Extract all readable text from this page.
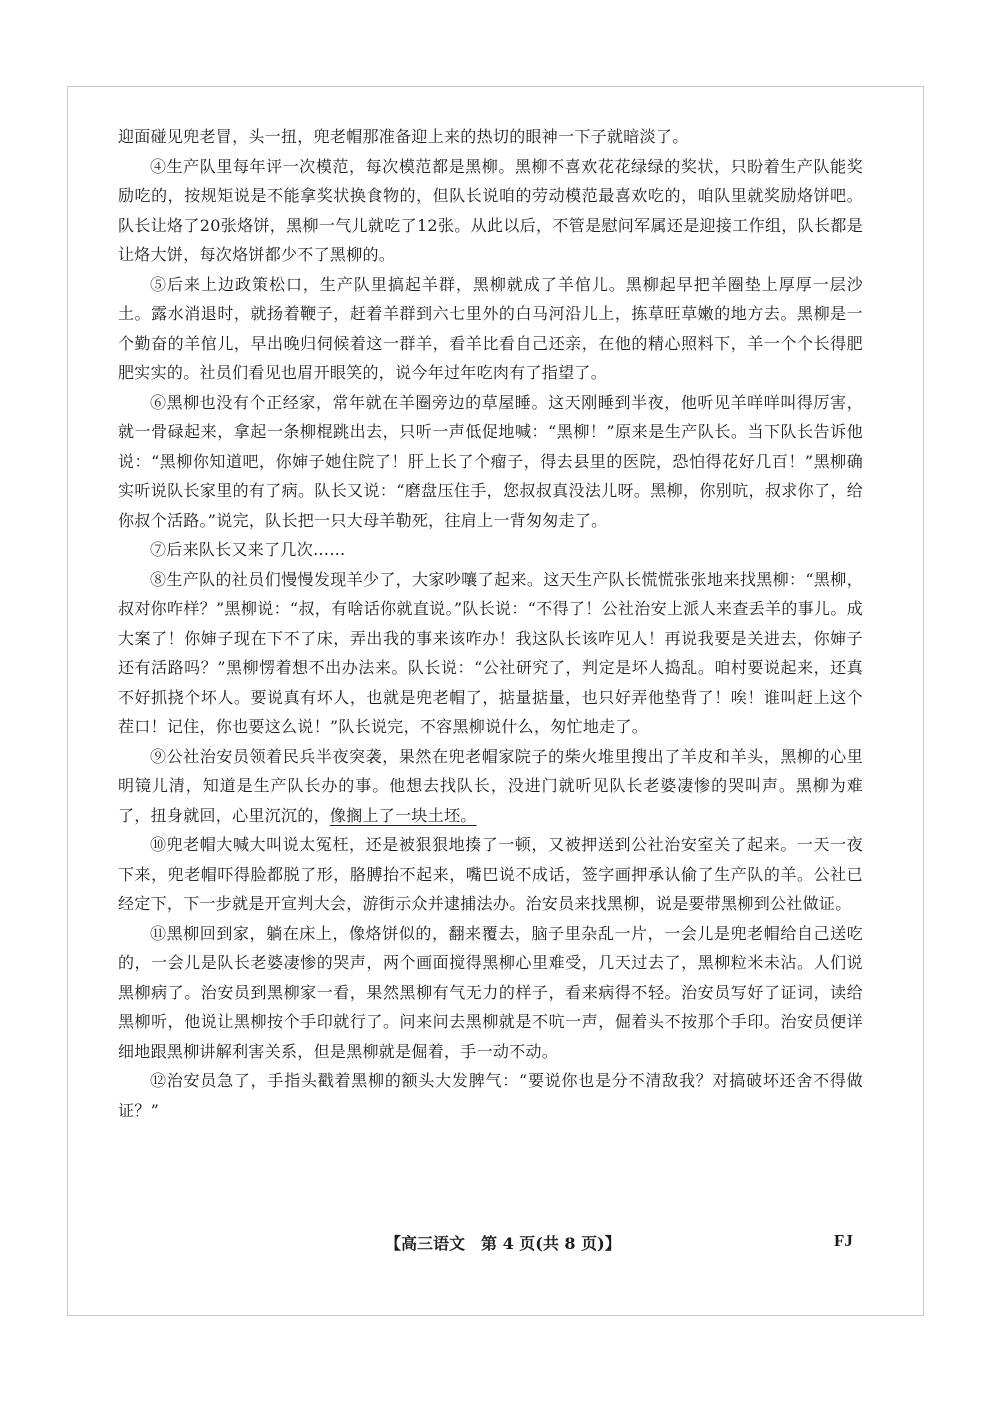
迎面碰见兜老冒，头一扭，兜老帽那准备迎上来的热切的眼神一下子就暗淡了。

④生产队里每年评一次模范，每次模范都是黑柳。黑柳不喜欢花花绿绿的奖状，只盼着生产队能奖励吃的，按规矩说是不能拿奖状换食物的，但队长说咱的劳动模范最喜欢吃的，咱队里就奖励烙饼吧。队长让烙了20张烙饼，黑柳一气儿就吃了12张。从此以后，不管是慰问军属还是迎接工作组，队长都是让烙大饼，每次烙饼都少不了黑柳的。

⑤后来上边政策松口，生产队里搞起羊群，黑柳就成了羊倌儿。黑柳起早把羊圈垫上厚厚一层沙土。露水消退时，就扬着鞭子，赶着羊群到六七里外的白马河沿儿上，拣草旺草嫩的地方去。黑柳是一个勤奋的羊倌儿，早出晚归伺候着这一群羊，看羊比看自己还亲，在他的精心照料下，羊一个个长得肥肥实实的。社员们看见也眉开眼笑的，说今年过年吃肉有了指望了。

⑥黑柳也没有个正经家，常年就在羊圈旁边的草屋睡。这天刚睡到半夜，他听见羊咩咩叫得厉害，就一骨碌起来，拿起一条柳棍跳出去，只听一声低促地喊：“黑柳！”原来是生产队长。当下队长告诉他说：“黑柳你知道吧，你婶子她住院了！肝上长了个瘤子，得去县里的医院，恐怕得花好几百！”黑柳确实听说队长家里的有了病。队长又说：“磨盘压住手，您叔叔真没法儿呀。黑柳，你别吭，叔求你了，给你叔个活路。”说完，队长把一只大母羊勒死，往肩上一背匆匆走了。

⑦后来队长又来了几次……

⑧生产队的社员们慢慢发现羊少了，大家吵嚷了起来。这天生产队长慌慌张张地来找黑柳：“黑柳，叔对你咋样？”黑柳说：“叔，有啥话你就直说。”队长说：“不得了！公社治安上派人来查丢羊的事儿。成大案了！你婶子现在下不了床，弄出我的事来该咋办！我这队长该咋见人！再说我要是关进去，你婶子还有活路吗？”黑柳愣着想不出办法来。队长说：“公社研究了，判定是坏人捣乱。咱村要说起来，还真不好抓挠个坏人。要说真有坏人，也就是兜老帽了，掂量掂量，也只好弄他垫背了！唉！谁叫赶上这个茬口！记住，你也要这么说！”队长说完，不容黑柳说什么，匆忙地走了。

⑨公社治安员领着民兵半夜突袭，果然在兜老帽家院子的柴火堆里搜出了羊皮和羊头，黑柳的心里明镜儿清，知道是生产队长办的事。他想去找队长，没进门就听见队长老婆凄惨的哭叫声。黑柳为难了，扭身就回，心里沉沉的，像搁上了一块土坯。

⑩兜老帽大喊大叫说太冤枉，还是被狠狠地揍了一顿，又被押送到公社治安室关了起来。一天一夜下来，兜老帽吓得脸都脱了形，胳膊抬不起来，嘴巴说不成话，签字画押承认偷了生产队的羊。公社已经定下，下一步就是开宣判大会，游街示众并逮捕法办。治安员来找黑柳，说是要带黑柳到公社做证。

⑪黑柳回到家，躺在床上，像烙饼似的，翻来覆去，脑子里杂乱一片，一会儿是兜老帽给自己送吃的，一会儿是队长老婆凄惨的哭声，两个画面搅得黑柳心里难受，几天过去了，黑柳粒米未沾。人们说黑柳病了。治安员到黑柳家一看，果然黑柳有气无力的样子，看来病得不轻。治安员写好了证词，读给黑柳听，他说让黑柳按个手印就行了。问来问去黑柳就是不吭一声，倔着头不按那个手印。治安员便详细地跟黑柳讲解利害关系，但是黑柳就是倔着，手一动不动。

⑫治安员急了，手指头戳着黑柳的额头大发脾气：“要说你也是分不清敌我？对搞破坏还舍不得做证？”

【高三语文　第 4 页(共 8 页)】	FJ
